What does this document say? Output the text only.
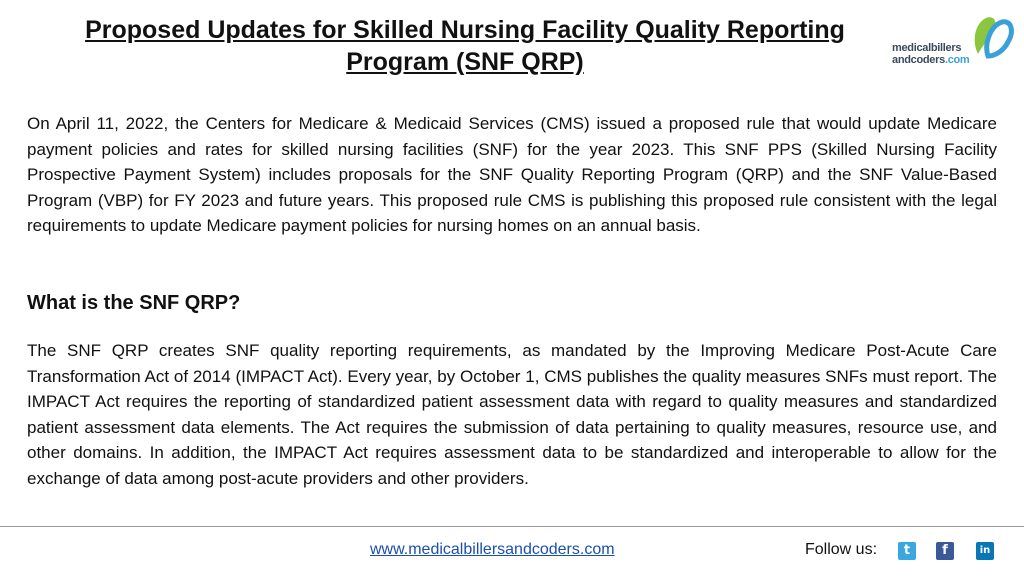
Proposed Updates for Skilled Nursing Facility Quality Reporting Program (SNF QRP)	medicalbillers
andcoders.com

On April 11, 2022, the Centers for Medicare & Medicaid Services (CMS) issued a proposed rule that would update Medicare payment policies and rates for skilled nursing facilities (SNF) for the year 2023. This SNF PPS (Skilled Nursing Facility Prospective Payment System) includes proposals for the SNF Quality Reporting Program (QRP) and the SNF Value-Based Program (VBP) for FY 2023 and future years. This proposed rule CMS is publishing this proposed rule consistent with the legal requirements to update Medicare payment policies for nursing homes on an annual basis.

What is the SNF QRP?

The SNF QRP creates SNF quality reporting requirements, as mandated by the Improving Medicare Post-Acute Care Transformation Act of 2014 (IMPACT Act). Every year, by October 1, CMS publishes the quality measures SNFs must report. The IMPACT Act requires the reporting of standardized patient assessment data with regard to quality measures and standardized patient assessment data elements. The Act requires the submission of data pertaining to quality measures, resource use, and other domains. In addition, the IMPACT Act requires assessment data to be standardized and interoperable to allow for the exchange of data among post-acute providers and other providers.

www.medicalbillersandcoders.com	Follow us:	t	f	in
